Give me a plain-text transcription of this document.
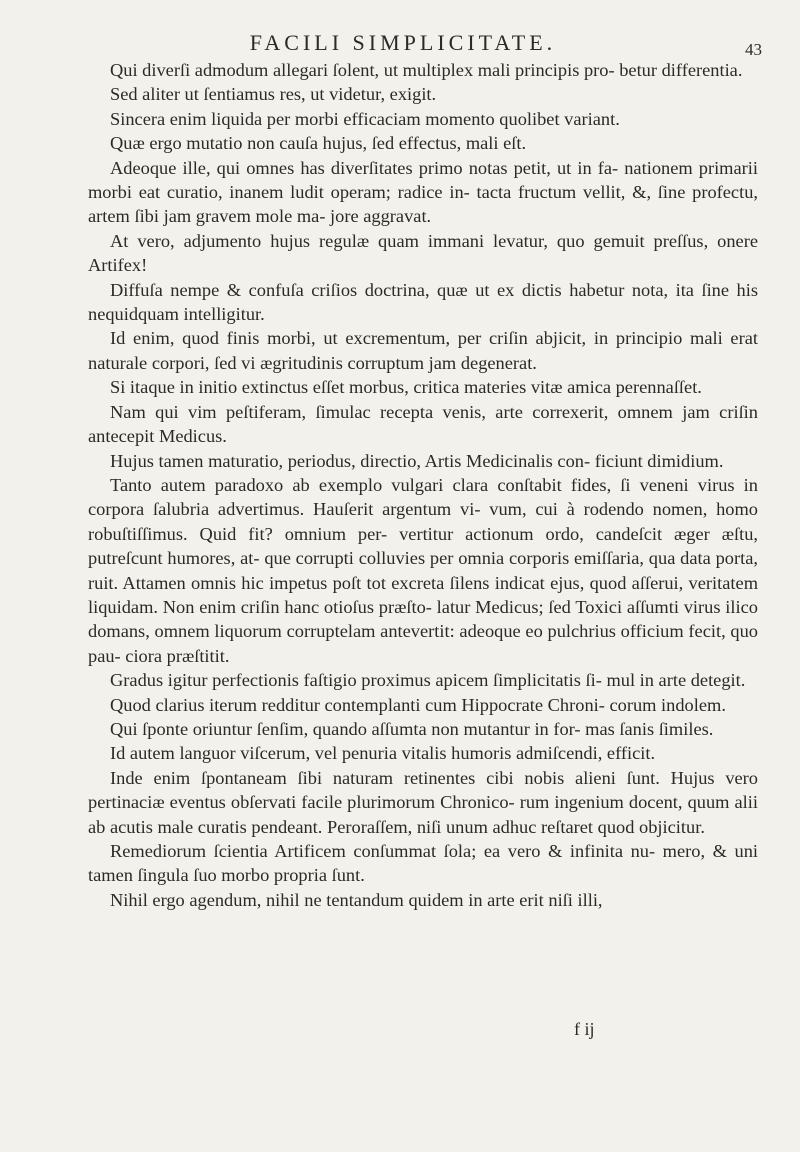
FACILI SIMPLICITATE.	43

Qui diverſi admodum allegari ſolent, ut multiplex mali principis pro- betur differentia.

Sed aliter ut ſentiamus res, ut videtur, exigit.

Sincera enim liquida per morbi efficaciam momento quolibet variant.

Quæ ergo mutatio non cauſa hujus, ſed effectus, mali eſt.

Adeoque ille, qui omnes has diverſitates primo notas petit, ut in fa- nationem primarii morbi eat curatio, inanem ludit operam; radice in- tacta fructum vellit, &, ſine profectu, artem ſibi jam gravem mole ma- jore aggravat.

At vero, adjumento hujus regulæ quam immani levatur, quo gemuit preſſus, onere Artifex!

Diffuſa nempe & confuſa criſios doctrina, quæ ut ex dictis habetur nota, ita ſine his nequidquam intelligitur.

Id enim, quod finis morbi, ut excrementum, per criſin abjicit, in principio mali erat naturale corpori, ſed vi ægritudinis corruptum jam degenerat.

Si itaque in initio extinctus eſſet morbus, critica materies vitæ amica perennaſſet.

Nam qui vim peſtiferam, ſimulac recepta venis, arte correxerit, omnem jam criſin antecepit Medicus.

Hujus tamen maturatio, periodus, directio, Artis Medicinalis con- ficiunt dimidium.

Tanto autem paradoxo ab exemplo vulgari clara conſtabit fides, ſi veneni virus in corpora ſalubria advertimus. Hauſerit argentum vi- vum, cui à rodendo nomen, homo robuſtiſſimus. Quid fit? omnium per- vertitur actionum ordo, candeſcit æger æſtu, putreſcunt humores, at- que corrupti colluvies per omnia corporis emiſſaria, qua data porta, ruit. Attamen omnis hic impetus poſt tot excreta ſilens indicat ejus, quod aſſerui, veritatem liquidam. Non enim criſin hanc otioſus præſto- latur Medicus; ſed Toxici aſſumti virus ilico domans, omnem liquorum corruptelam antevertit: adeoque eo pulchrius officium fecit, quo pau- ciora præſtitit.

Gradus igitur perfectionis faſtigio proximus apicem ſimplicitatis ſi- mul in arte detegit.

Quod clarius iterum redditur contemplanti cum Hippocrate Chroni- corum indolem.

Qui ſponte oriuntur ſenſim, quando aſſumta non mutantur in for- mas ſanis ſimiles.

Id autem languor viſcerum, vel penuria vitalis humoris admiſcendi, efficit.

Inde enim ſpontaneam ſibi naturam retinentes cibi nobis alieni ſunt. Hujus vero pertinaciæ eventus obſervati facile plurimorum Chronico- rum ingenium docent, quum alii ab acutis male curatis pendeant. Peroraſſem, niſi unum adhuc reſtaret quod objicitur.

Remediorum ſcientia Artificem conſummat ſola; ea vero & infinita nu- mero, & uni tamen ſingula ſuo morbo propria ſunt.

Nihil ergo agendum, nihil ne tentandum quidem in arte erit niſi illi,

f ij
